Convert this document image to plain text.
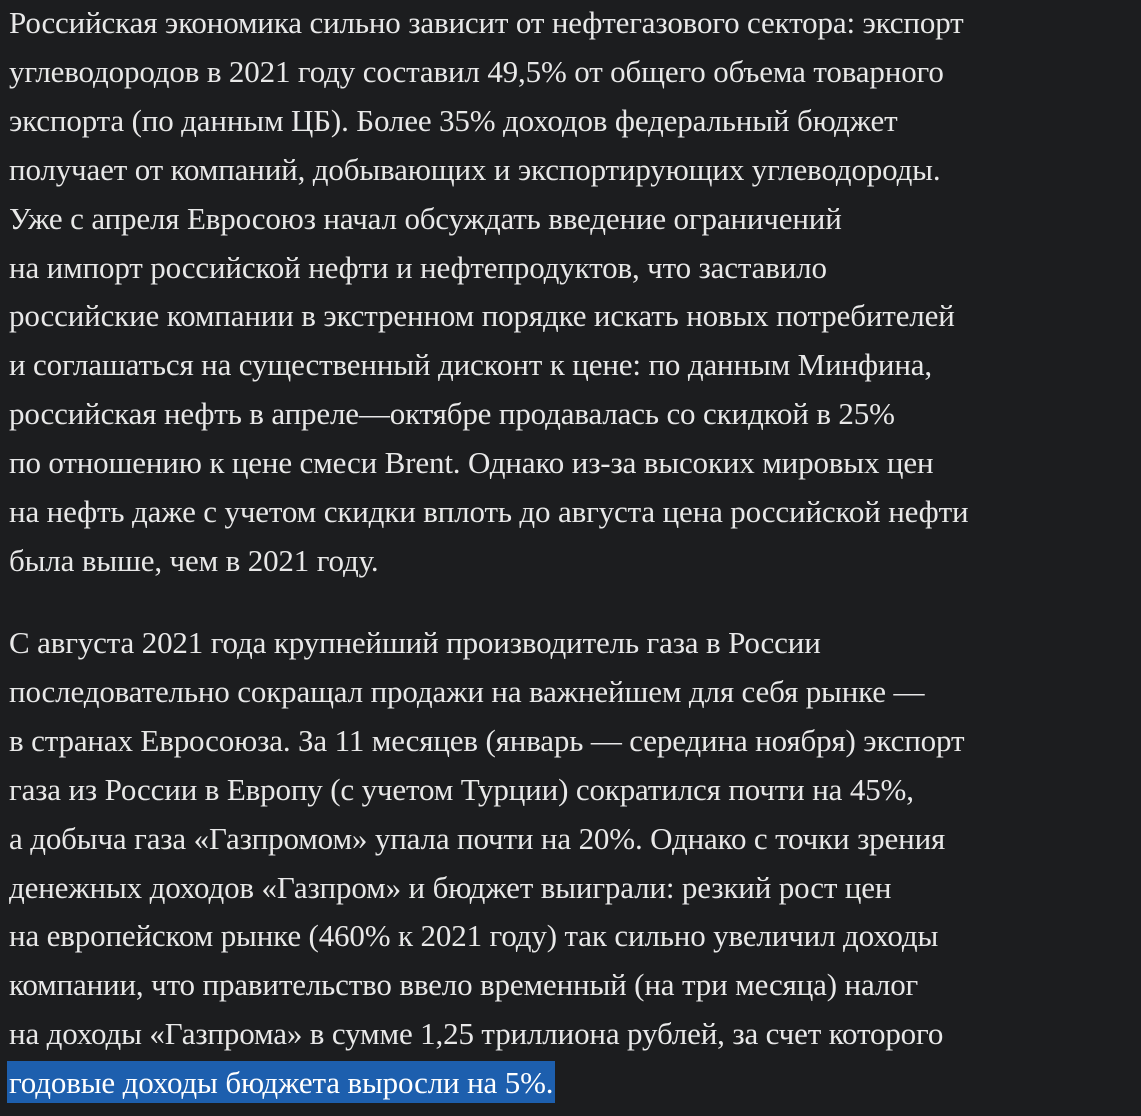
Российская экономика сильно зависит от нефтегазового сектора: экспорт
углеводородов в 2021 году составил 49,5% от общего объема товарного
экспорта (по данным ЦБ). Более 35% доходов федеральный бюджет
получает от компаний, добывающих и экспортирующих углеводороды.
Уже с апреля Евросоюз начал обсуждать введение ограничений
на импорт российской нефти и нефтепродуктов, что заставило
российские компании в экстренном порядке искать новых потребителей
и соглашаться на существенный дисконт к цене: по данным Минфина,
российская нефть в апреле—октябре продавалась со скидкой в 25%
по отношению к цене смеси Brent. Однако из-за высоких мировых цен
на нефть даже с учетом скидки вплоть до августа цена российской нефти
была выше, чем в 2021 году.

С августа 2021 года крупнейший производитель газа в России
последовательно сокращал продажи на важнейшем для себя рынке —
в странах Евросоюза. За 11 месяцев (январь — середина ноября) экспорт
газа из России в Европу (с учетом Турции) сократился почти на 45%,
а добыча газа «Газпромом» упала почти на 20%. Однако с точки зрения
денежных доходов «Газпром» и бюджет выиграли: резкий рост цен
на европейском рынке (460% к 2021 году) так сильно увеличил доходы
компании, что правительство ввело временный (на три месяца) налог
на доходы «Газпрома» в сумме 1,25 триллиона рублей, за счет которого
годовые доходы бюджета выросли на 5%.
